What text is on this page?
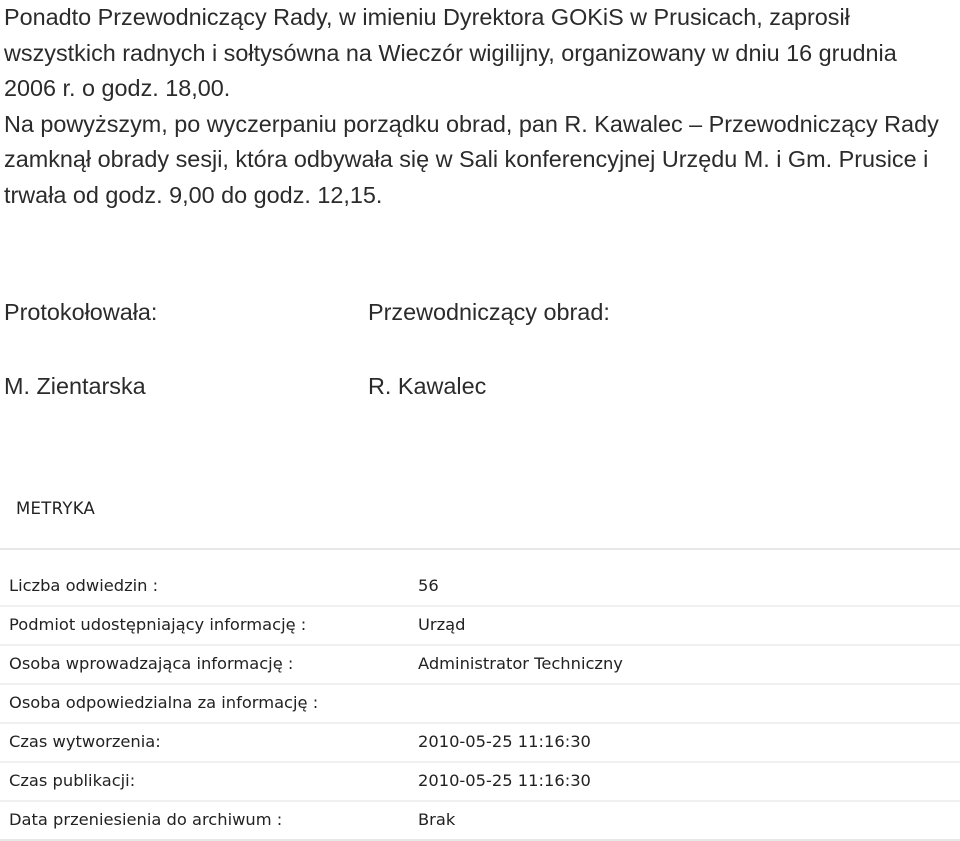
Ponadto Przewodniczący Rady, w imieniu Dyrektora GOKiS w Prusicach, zaprosił wszystkich radnych i sołtysówna na Wieczór wigilijny, organizowany w dniu 16 grudnia 2006 r. o godz. 18,00.

Na powyższym, po wyczerpaniu porządku obrad, pan R. Kawalec – Przewodniczący Rady zamknął obrady sesji, która odbywała się w Sali konferencyjnej Urzędu M. i Gm. Prusice i trwała od godz. 9,00 do godz. 12,15.

Protokołowała:
M. Zientarska
Przewodniczący obrad:
R. Kawalec
METRYKA
Liczba odwiedzin :	56
Podmiot udostępniający informację :	Urząd
Osoba wprowadzająca informację :	Administrator Techniczny
Osoba odpowiedzialna za informację :
Czas wytworzenia:	2010-05-25 11:16:30
Czas publikacji:	2010-05-25 11:16:30
Data przeniesienia do archiwum :	Brak
